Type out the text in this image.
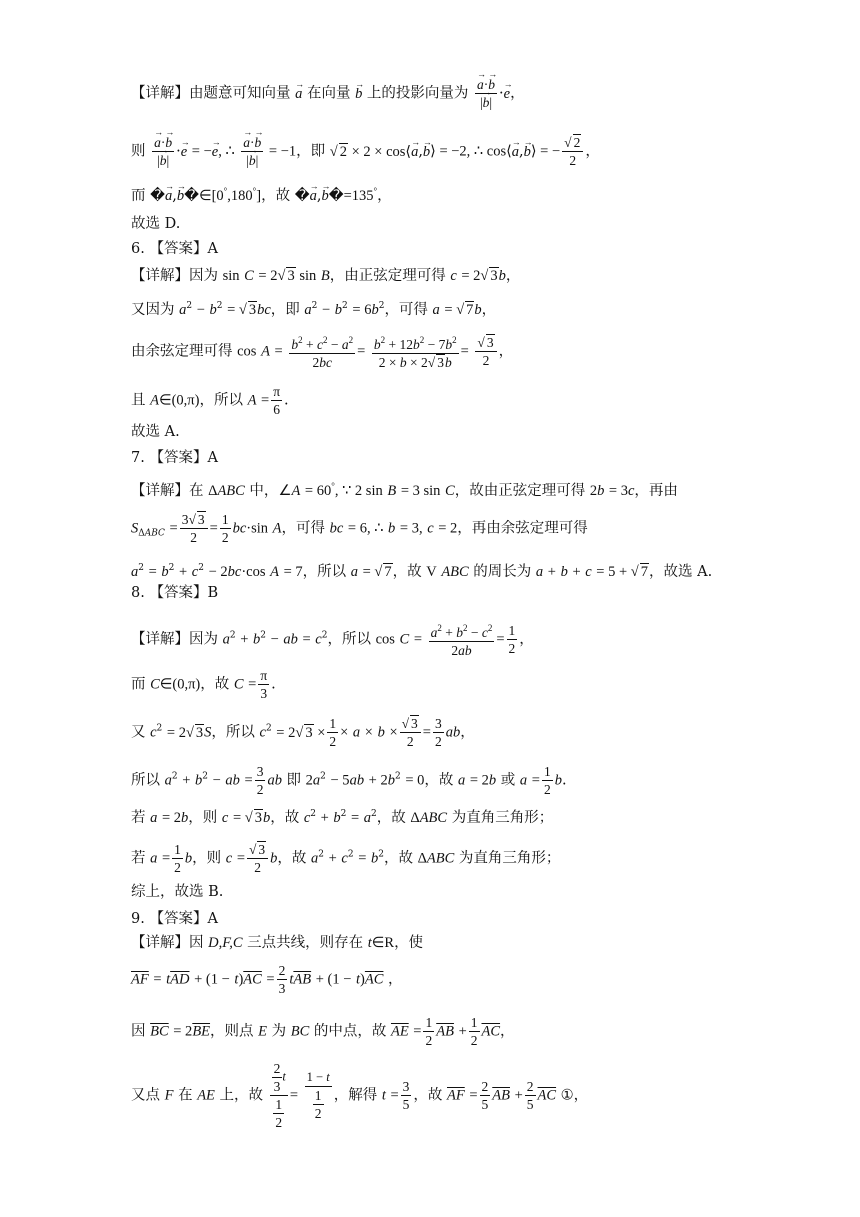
【详解】由题意可知向量 → a 在向量 → b 上的投影向量为 → $\frac{a\cdot\to b}{|\to b|} \cdot\to e$，
则 → $\frac{a\cdot\to b}{|\to b|} \cdot\to e$ = −→ e, ∴ → $\frac{a\cdot\to b}{|\to b|} = -1$，即 √ 2 × 2 × cos⟨→ a,→ b⟩ = −2, ∴ cos⟨→ a,→ b⟩ = − $\frac{√ 2}{2}$ ，
而 �→ a,→ b�∈[0°,180°]，故 �→ a,→ b�=135°，
故选 D.
6. 【答案】A
【详解】因为 sin C = 2√ 3 sin B，由正弦定理可得 c = 2√ 3b，
又因为 $a^2 - b^2$ = √ 3bc，即 $a^2 - b^2 = 6b^2$，可得 a = √ 7b，
由余弦定理可得 $\cos A = \frac{b^2 + c^2 - a^2}{2bc} = \frac{b^2 + 12b^2 - 7b^2}{2 \times b \times 2√ 3b} = \frac{√ 3}{2}$ ，
且 A∈(0,π)，所以 $A = \frac{\pi}{6}$ .
故选 A.
7. 【答案】A
【详解】在 ΔABC 中，∠A = 60°, ∵ 2 sin B = 3 sin C，故由正弦定理可得 2b = 3c，再由
$S_{\Delta ABC} = \frac{3√ 3}{2} = \frac{1}{2} bc\cdot\sin$ A，可得 bc = 6, ∴ b = 3, c = 2，再由余弦定理可得
$a^2 = b^2 + c^2 - 2bc\cdot\cos$ A = 7，所以 a = √ 7，故 V ABC 的周长为 a + b + c = 5 + √ 7，故选 A.
8. 【答案】B
【详解】因为 $a^2 + b^2$ − ab = $c^2$，所以 $\cos C = \frac{a^2 + b^2 - c^2}{2ab} = \frac{1}{2}$ ，
而 C∈(0,π)，故 $C = \frac{\pi}{3}$ .
又 $c^2 = 2√$ 3S，所以 $c^2 = 2√$ $3 \times \frac{1}{2} \times a \times b \times \frac{√ 3}{2} = \frac{3}{2}$ ab，
所以 $a^2 + b^2$ − ab = $\frac{3}{2}$ ab 即 $2a^2 - 5ab + 2b^2 = 0$，故 a = 2b 或 $a = \frac{1}{2} b$.
若 a = 2b，则 c = √ 3b，故 $c^2 + b^2 = a^2$，故 ΔABC 为直角三角形；
若 $a = \frac{1}{2}$ b，则 $c = \frac{√ 3}{2}$ b，故 $a^2 + c^2 = b^2$，故 ΔABC 为直角三角形；
综上，故选 B.
9. 【答案】A
【详解】因 D,F,C 三点共线，则存在 t∈R，使
$\overline{AF} = t\overline{AD} + (1 - t)\overline{AC} = \frac{2}{3} t\overline{AB} + (1 - t)\overline{AC}$ ，
因 $\overline{BC} = 2\overline{BE}$，则点 E 为 BC 的中点，故 $\overline{AE} = \frac{1}{2} \overline{AB} + \frac{1}{2} \overline{AC}$，
又点 F 在 AE 上，故 $\frac{\frac{2}{3} t}{\frac{1}{2}} = \frac{1 - t}{\frac{1}{2}}$ ，解得 $t = \frac{3}{5}$ ，故 $\overline{AF} = \frac{2}{5} \overline{AB} + \frac{2}{5} \overline{AC}$ ①，
